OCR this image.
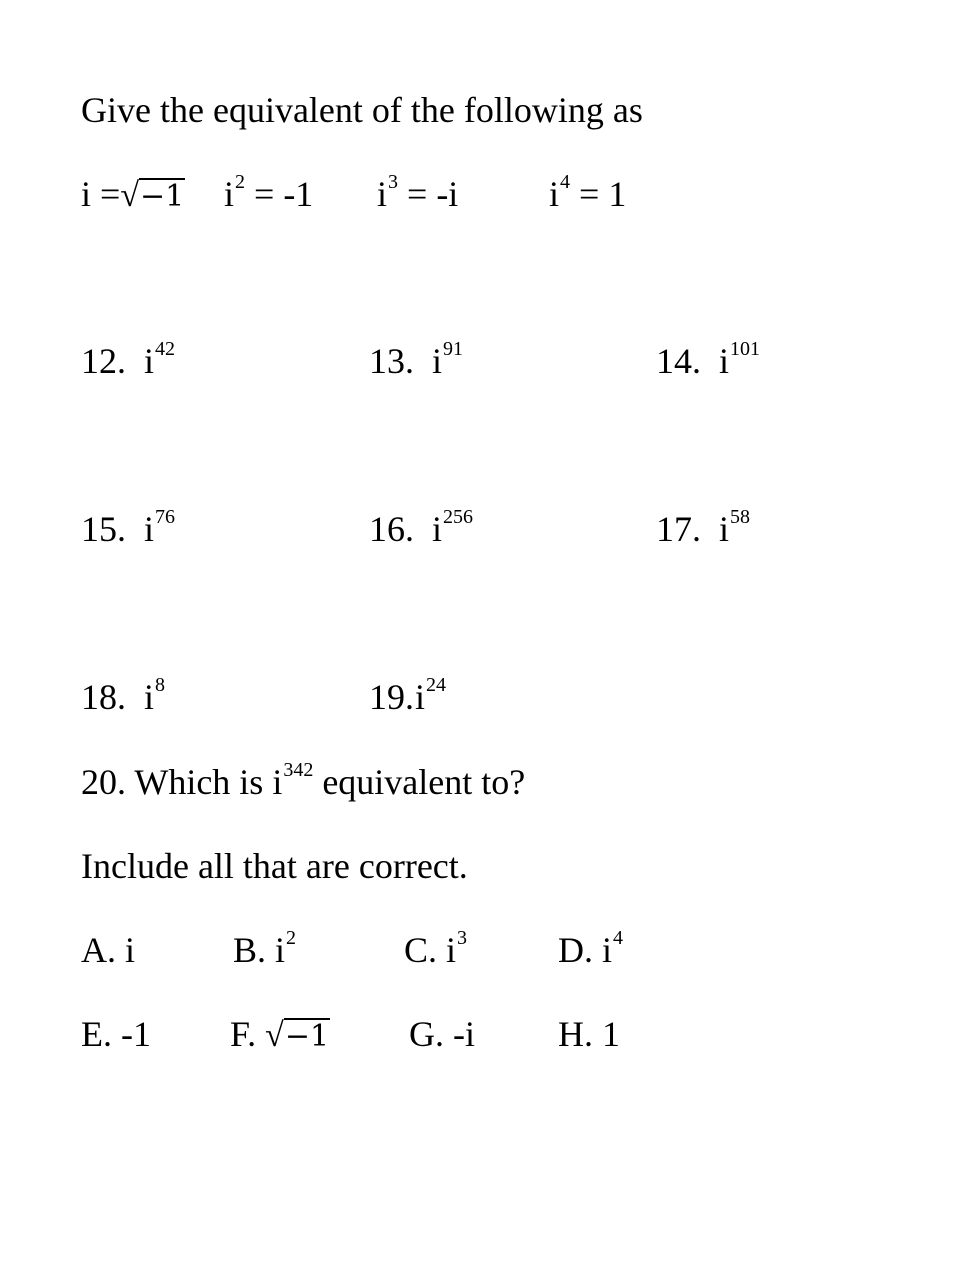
Give the equivalent of the following as
i =√−1 $i^2 = -1$ $i^3 = -i$	$i^4 = 1$
12. $i^{42}$	13. $i^{91}$	14. $i^{101}$
15. $i^{76}$	16. $i^{256}$	17. $i^{58}$
18. $i^8$	19. $i^{24}$
20. Which is $i^{342}$ equivalent to?
Include all that are correct.
A. i	B. $i^2$	C. $i^3$	D. $i^4$
E. -1 F. √−1 G. -i H. 1
